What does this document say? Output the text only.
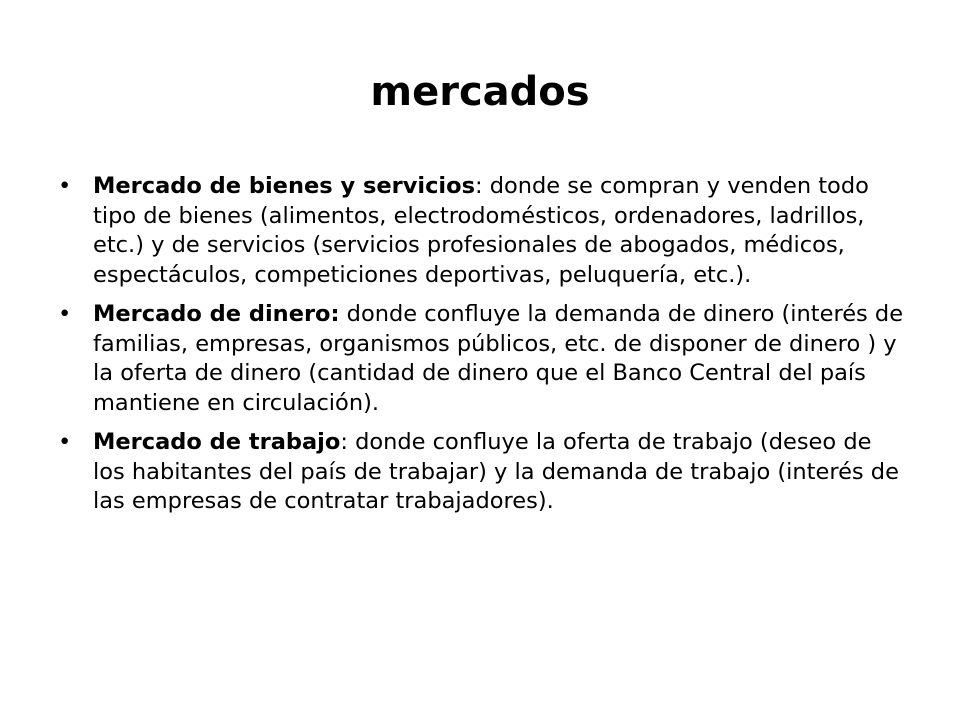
mercados
• Mercado de bienes y servicios: donde se compran y venden todo tipo de bienes (alimentos, electrodomésticos, ordenadores, ladrillos, etc.) y de servicios (servicios profesionales de abogados, médicos, espectáculos, competiciones deportivas, peluquería, etc.).
• Mercado de dinero: donde confluye la demanda de dinero (interés de familias, empresas, organismos públicos, etc. de disponer de dinero ) y la oferta de dinero (cantidad de dinero que el Banco Central del país mantiene en circulación).
• Mercado de trabajo: donde confluye la oferta de trabajo (deseo de los habitantes del país de trabajar) y la demanda de trabajo (interés de las empresas de contratar trabajadores).
